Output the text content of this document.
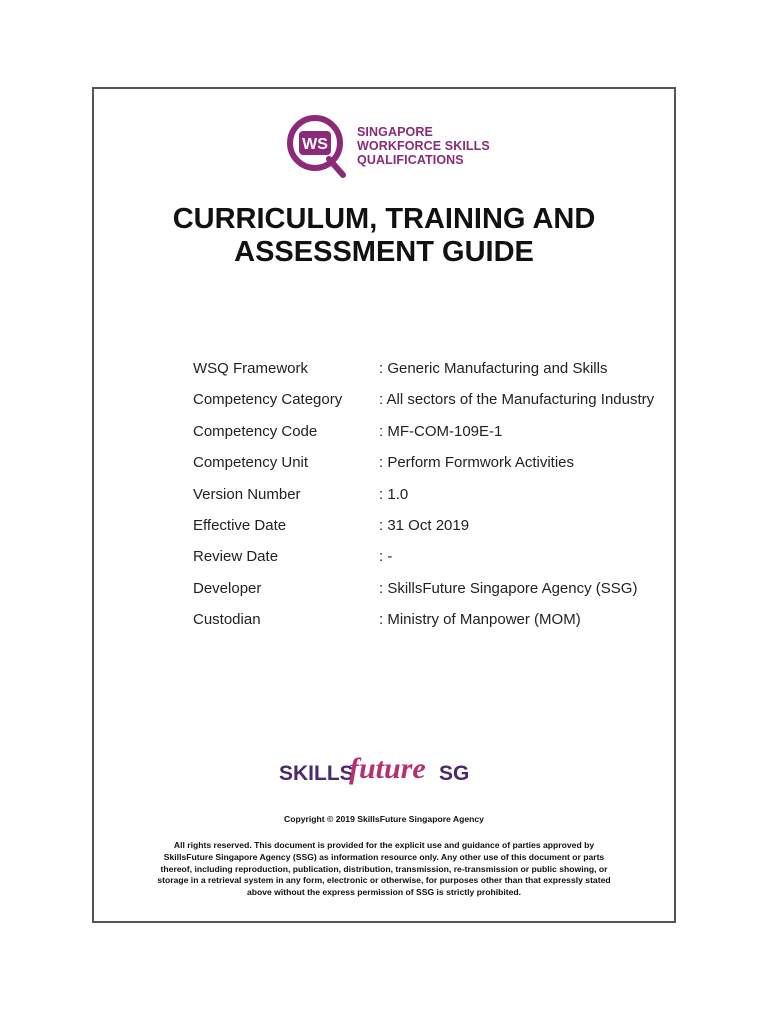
WS
SINGAPORE
WORKFORCE SKILLS
QUALIFICATIONS
CURRICULUM, TRAINING AND
ASSESSMENT GUIDE
WSQ Framework	: Generic Manufacturing and Skills
Competency Category : All sectors of the Manufacturing Industry
Competency Code	: MF-COM-109E-1
Competency Unit	: Perform Formwork Activities
Version Number	: 1.0
Effective Date	: 31 Oct 2019
Review Date	: -
Developer	: SkillsFuture Singapore Agency (SSG)
Custodian	: Ministry of Manpower (MOM)
SKILLS
future SG
Copyright © 2019 SkillsFuture Singapore Agency
All rights reserved. This document is provided for the explicit use and guidance of parties approved by
SkillsFuture Singapore Agency (SSG) as information resource only. Any other use of this document or parts
thereof, including reproduction, publication, distribution, transmission, re-transmission or public showing, or
storage in a retrieval system in any form, electronic or otherwise, for purposes other than that expressly stated
above without the express permission of SSG is strictly prohibited.
